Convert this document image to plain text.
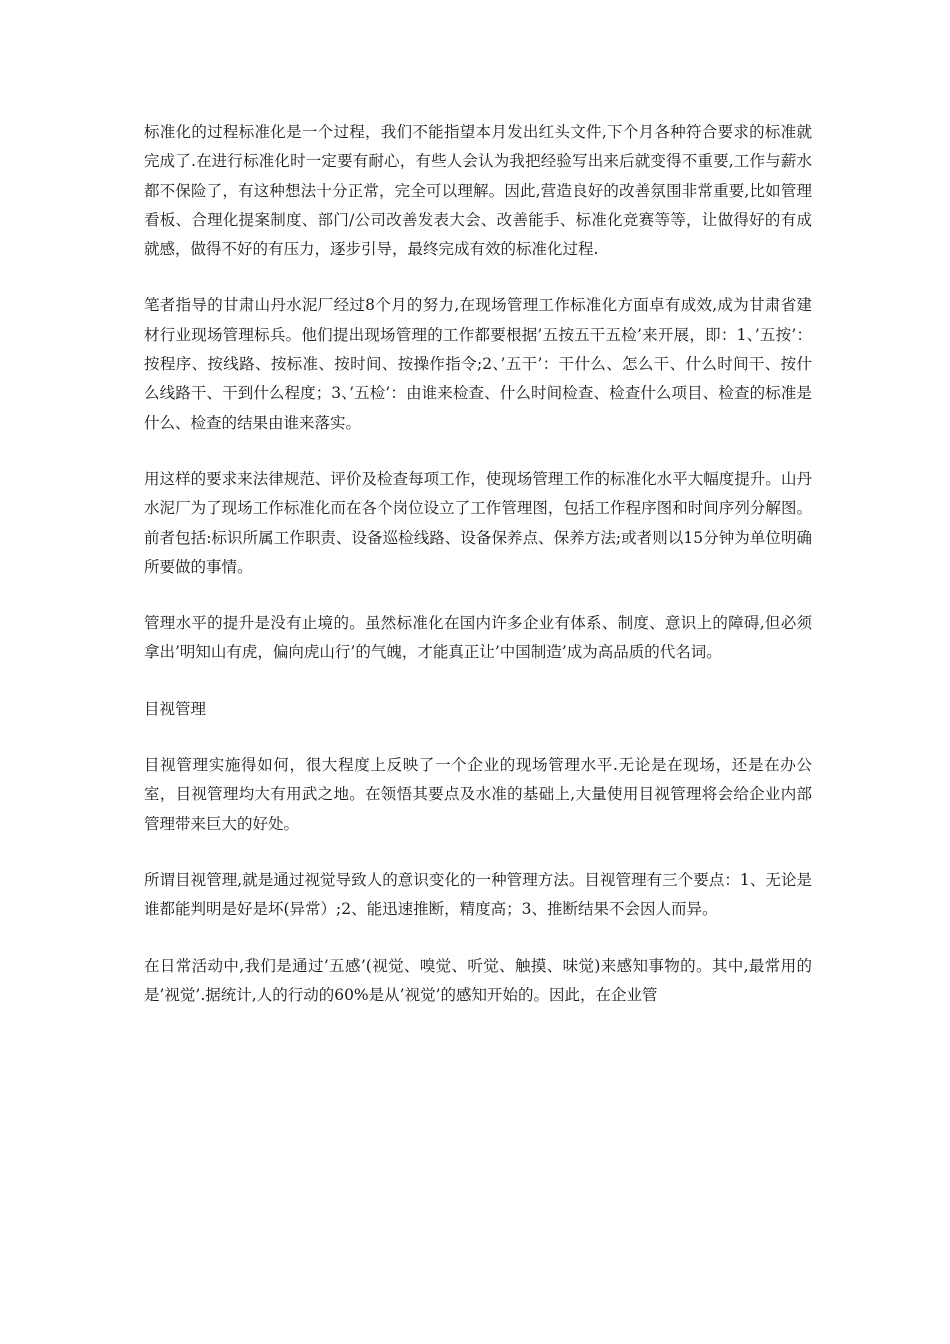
标准化的过程标准化是一个过程，我们不能指望本月发出红头文件,下个月各种符合要求的标准就完成了.在进行标准化时一定要有耐心，有些人会认为我把经验写出来后就变得不重要,工作与薪水都不保险了，有这种想法十分正常，完全可以理解。因此,营造良好的改善氛围非常重要,比如管理看板、合理化提案制度、部门/公司改善发表大会、改善能手、标准化竞赛等等，让做得好的有成就感，做得不好的有压力，逐步引导，最终完成有效的标准化过程.

笔者指导的甘肃山丹水泥厂经过8个月的努力,在现场管理工作标准化方面卓有成效,成为甘肃省建材行业现场管理标兵。他们提出现场管理的工作都要根据’五按五干五检’来开展，即：1、’五按’：按程序、按线路、按标准、按时间、按操作指令;2、’五干’：干什么、怎么干、什么时间干、按什么线路干、干到什么程度；3、’五检’：由谁来检查、什么时间检查、检查什么项目、检查的标准是什么、检查的结果由谁来落实。

用这样的要求来法律规范、评价及检查每项工作，使现场管理工作的标准化水平大幅度提升。山丹水泥厂为了现场工作标准化而在各个岗位设立了工作管理图，包括工作程序图和时间序列分解图。前者包括:标识所属工作职责、设备巡检线路、设备保养点、保养方法;或者则以15分钟为单位明确所要做的事情。

管理水平的提升是没有止境的。虽然标准化在国内许多企业有体系、制度、意识上的障碍,但必须拿出’明知山有虎，偏向虎山行’的气魄，才能真正让’中国制造’成为高品质的代名词。

目视管理

目视管理实施得如何，很大程度上反映了一个企业的现场管理水平.无论是在现场，还是在办公室，目视管理均大有用武之地。在领悟其要点及水准的基础上,大量使用目视管理将会给企业内部管理带来巨大的好处。

所谓目视管理,就是通过视觉导致人的意识变化的一种管理方法。目视管理有三个要点：1、无论是谁都能判明是好是坏(异常）;2、能迅速推断，精度高；3、推断结果不会因人而异。

在日常活动中,我们是通过’五感’(视觉、嗅觉、听觉、触摸、味觉)来感知事物的。其中,最常用的是’视觉’.据统计,人的行动的60%是从’视觉’的感知开始的。因此，在企业管
